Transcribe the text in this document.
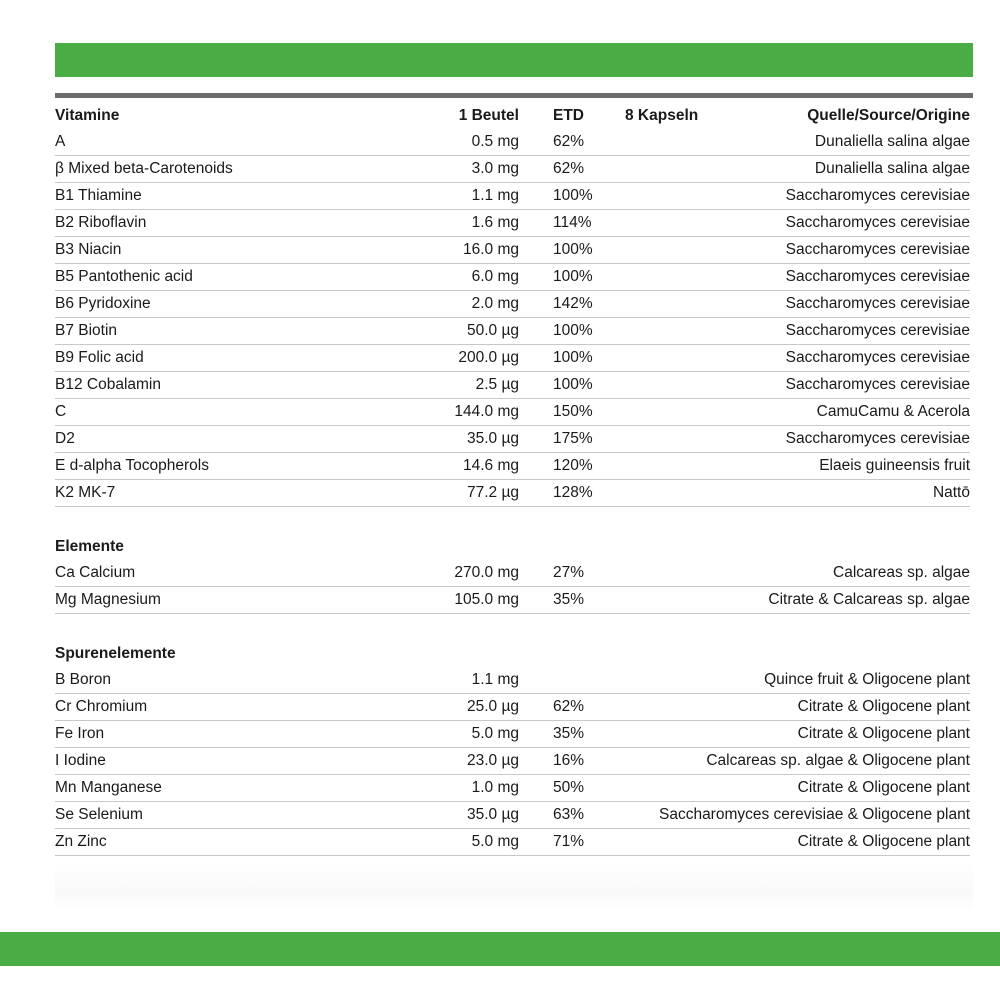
Vitamine	1 Beutel ETD	8 Kapseln	Quelle/Source/Origine
A	0.5 mg 62%	Dunaliella salina algae
β Mixed beta-Carotenoids	3.0 mg 62%	Dunaliella salina algae
B1 Thiamine	1.1 mg 100%	Saccharomyces cerevisiae
B2 Riboflavin	1.6 mg 114%	Saccharomyces cerevisiae
B3 Niacin	16.0 mg 100%	Saccharomyces cerevisiae
B5 Pantothenic acid	6.0 mg 100%	Saccharomyces cerevisiae
B6 Pyridoxine	2.0 mg 142%	Saccharomyces cerevisiae
B7 Biotin	50.0 µg 100%	Saccharomyces cerevisiae
B9 Folic acid	200.0 µg 100%	Saccharomyces cerevisiae
B12 Cobalamin	2.5 µg 100%	Saccharomyces cerevisiae
C	144.0 mg 150%	CamuCamu & Acerola
D2	35.0 µg 175%	Saccharomyces cerevisiae
E d-alpha Tocopherols	14.6 mg 120%	Elaeis guineensis fruit
K2 MK-7	77.2 µg 128%	Nattō
Elemente
Ca Calcium	270.0 mg 27%	Calcareas sp. algae
Mg Magnesium	105.0 mg 35%	Citrate & Calcareas sp. algae
Spurenelemente
B Boron	1.1 mg	Quince fruit & Oligocene plant
Cr Chromium	25.0 µg 62%	Citrate & Oligocene plant
Fe Iron	5.0 mg 35%	Citrate & Oligocene plant
I Iodine	23.0 µg 16%	Calcareas sp. algae & Oligocene plant
Mn Manganese	1.0 mg 50%	Citrate & Oligocene plant
Se Selenium	35.0 µg 63%	Saccharomyces cerevisiae & Oligocene plant
Zn Zinc	5.0 mg 71%	Citrate & Oligocene plant
